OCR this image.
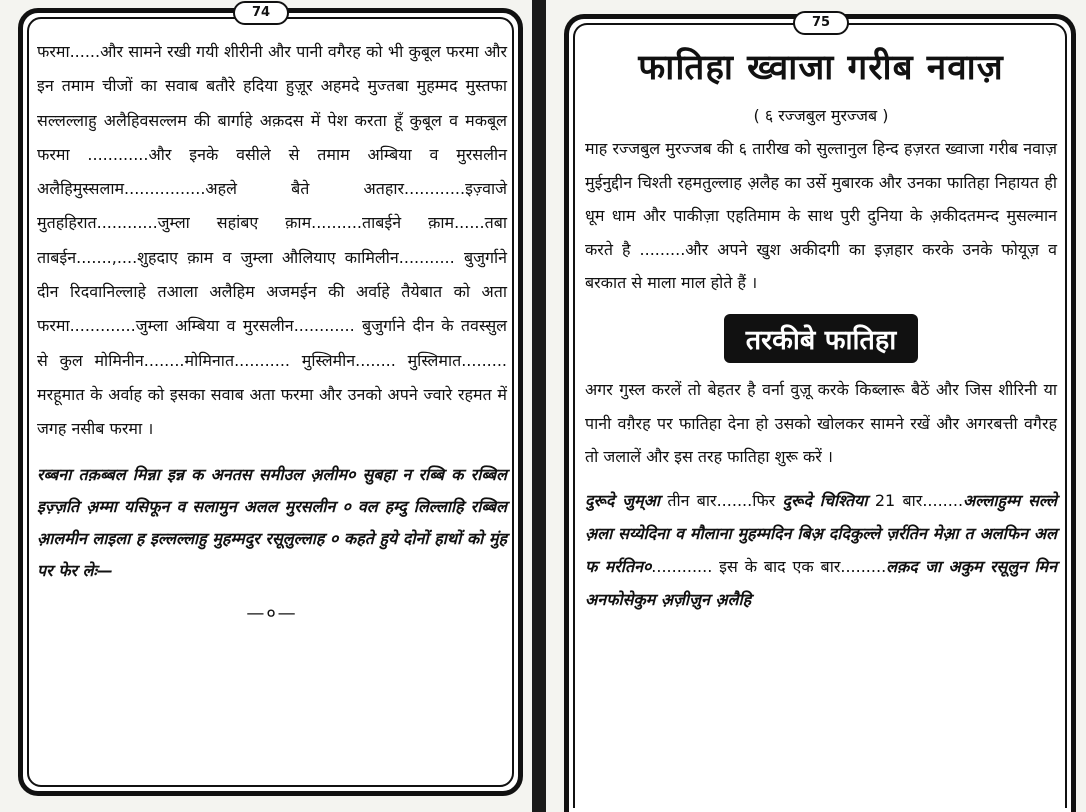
74

फरमा......और सामने रखी गयी शीरीनी और पानी वगैरह को भी कुबूल फरमा और इन तमाम चीजों का सवाब बतौरे हदिया हुज़ूर अहमदे मुज्तबा मुहम्मद मुस्तफा सल्लल्लाहु अलैहिवसल्लम की बार्गाहे अक़दस में पेश करता हूँ कुबूल व मकबूल फरमा ............और इनके वसीले से तमाम अम्बिया व मुरसलीन अलैहिमुस्सलाम................अहले बैते अतहार............इज़्वाजे मुतहहिरात............जुम्ला सहांबए क़ाम..........ताबईने क़ाम......तबा ताबईन.......,....शुहदाए क़ाम व जुम्ला औलियाए कामिलीन........... बुजुर्गाने दीन रिदवानिल्लाहे तआला अलैहिम अजमईन की अर्वाहे तैयेबात को अता फरमा.............जुम्ला अम्बिया व मुरसलीन............ बुजुर्गाने दीन के तवस्सुल से कुल मोमिनीन........मोमिनात........... मुस्लिमीन........ मुस्लिमात......... मरहूमात के अर्वाह को इसका सवाब अता फरमा और उनको अपने ज्वारे रहमत में जगह नसीब फरमा ।

रब्बना तक़ब्बल मिन्ना इन्न क अनतस समीउल अ़लीम० सुबहा न रब्बि क रब्बिल इज़्ज़ति अ़म्मा यसिफून व सलामुन अलल मुरसलीन ० वल हम्दु लिल्लाहि रब्बिल आ़लमीन लाइला ह इल्लल्लाहु मुहम्मदुर रसूलुल्लाह ० कहते हुये दोनों हाथों को मुंह पर फेर लेः—

—०—
75
फातिहा ख्वाजा गरीब नवाज़
( ६ रज्जबुल मुरज्जब )

माह रज्जबुल मुरज्जब की ६ तारीख को सुल्तानुल हिन्द हज़रत ख्वाजा गरीब नवाज़ मुईनुद्दीन चिश्ती रहमतुल्लाह अ़लैह का उर्से मुबारक और उनका फातिहा निहायत ही धूम धाम और पाकीज़ा एहतिमाम के साथ पुरी दुनिया के अ़कीदतमन्द मुसल्मान करते है .........और अपने खुश अकीदगी का इज़हार करके उनके फोयूज़ व बरकात से माला माल होते हैं ।

तरकीबे फातिहा

अगर गुस्ल करलें तो बेहतर है वर्ना वुज़ू करके किब्लारू बैठें और जिस शीरिनी या पानी वग़ैरह पर फातिहा देना हो उसको खोलकर सामने रखें और अगरबत्ती वगैरह तो जलालें और इस तरह फातिहा शुरू करें ।

दुरूदे जुम्आ तीन बार.......फिर दुरूदे चिश्तिया 21 बार........अल्लाहुम्म सल्ले अ़ला सय्येदिना व मौलाना मुहम्मदिन बिअ़ ददिकुल्ले ज़र्रतिन मेआ़ त अलफिन अल फ मर्रतिन०............ इस के बाद एक बार.........लक़द जा अकुम रसूलुन मिन अनफोसेकुम अ़ज़ीज़ुन अ़लैहि
